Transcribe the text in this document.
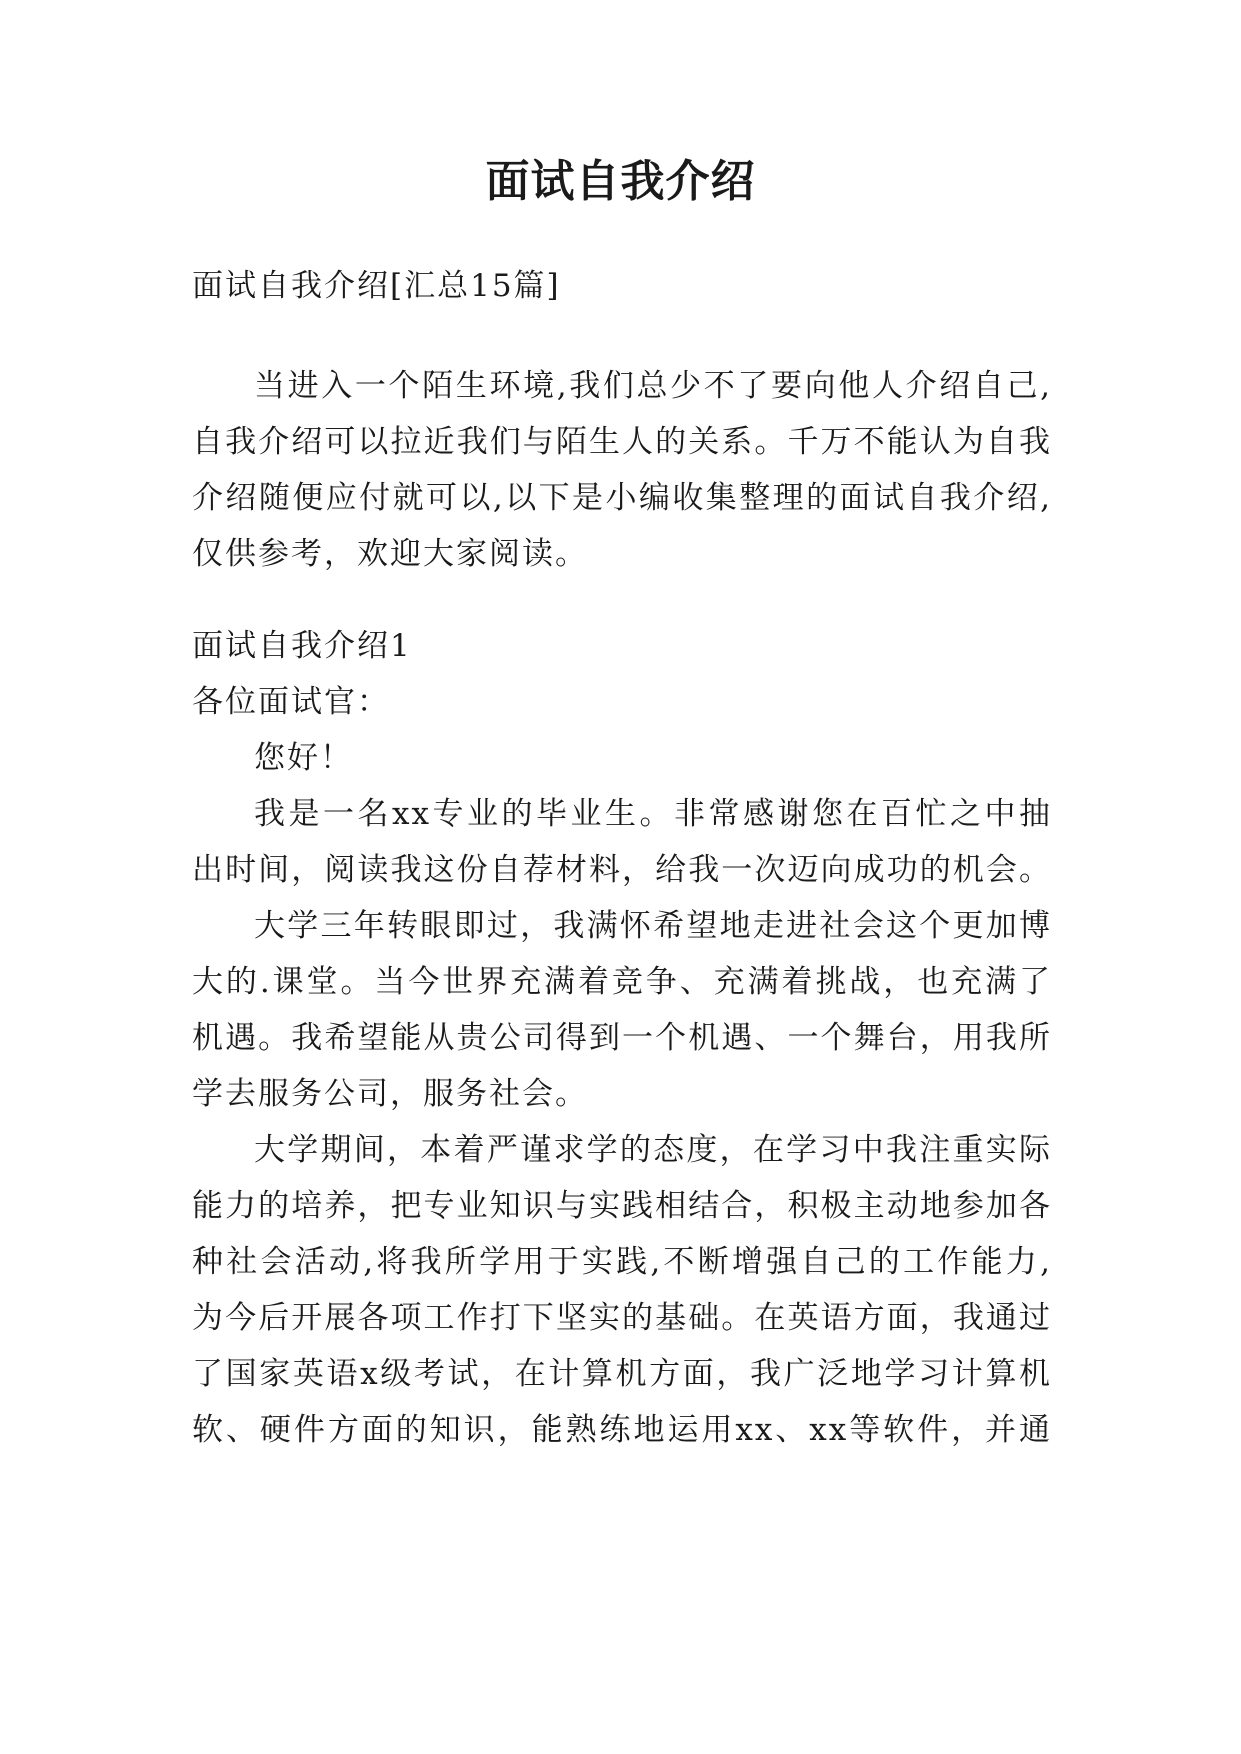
面试自我介绍
面试自我介绍[汇总15篇]
当进入一个陌生环境,我们总少不了要向他人介绍自己,
自我介绍可以拉近我们与陌生人的关系。千万不能认为自我
介绍随便应付就可以,以下是小编收集整理的面试自我介绍,
仅供参考，欢迎大家阅读。
面试自我介绍1
各位面试官：
您好！
我是一名xx专业的毕业生。非常感谢您在百忙之中抽
出时间，阅读我这份自荐材料，给我一次迈向成功的机会。
大学三年转眼即过，我满怀希望地走进社会这个更加博
大的.课堂。当今世界充满着竞争、充满着挑战，也充满了
机遇。我希望能从贵公司得到一个机遇、一个舞台，用我所
学去服务公司，服务社会。
大学期间，本着严谨求学的态度，在学习中我注重实际
能力的培养，把专业知识与实践相结合，积极主动地参加各
种社会活动,将我所学用于实践,不断增强自己的工作能力,
为今后开展各项工作打下坚实的基础。在英语方面，我通过
了国家英语x级考试，在计算机方面，我广泛地学习计算机
软、硬件方面的知识，能熟练地运用xx、xx等软件，并通
